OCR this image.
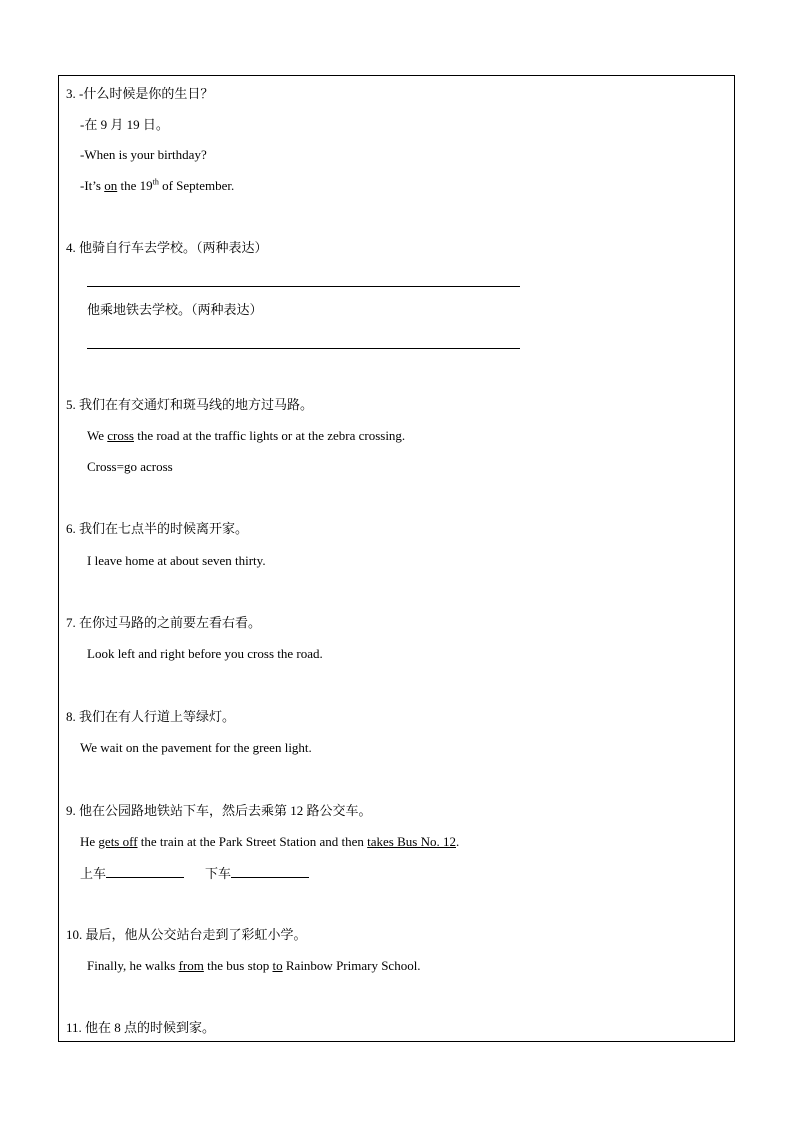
3. -什么时候是你的生日？
-在 9 月 19 日。
-When is your birthday?
-It’s on the 19th of September.
4. 他骑自行车去学校。（两种表达）
他乘地铁去学校。（两种表达）
5. 我们在有交通灯和斑马线的地方过马路。
We cross the road at the traffic lights or at the zebra crossing.
Cross=go across
6. 我们在七点半的时候离开家。
I leave home at about seven thirty.
7. 在你过马路的之前要左看右看。
Look left and right before you cross the road.
8. 我们在有人行道上等绿灯。
We wait on the pavement for the green light.
9. 他在公园路地铁站下车，然后去乘第 12 路公交车。
He gets off the train at the Park Street Station and then takes Bus No. 12.
上车	下车
10. 最后，他从公交站台走到了彩虹小学。
Finally, he walks from the bus stop to Rainbow Primary School.
11. 他在 8 点的时候到家。
